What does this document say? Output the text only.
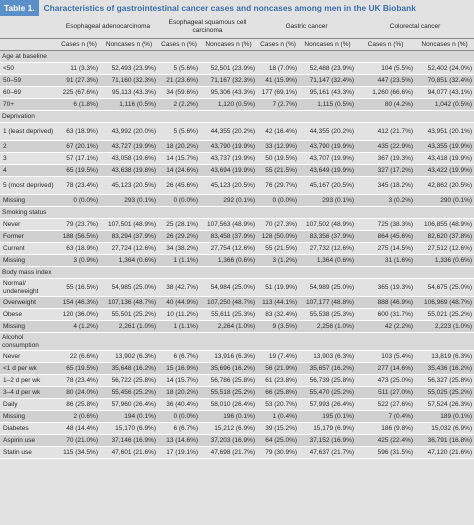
Table 1.	Characteristics of gastrointestinal cancer cases and noncases among men in the UK Biobank
	Esophageal adenocarcinoma		Esophageal squamous cell carcinoma		Gastric cancer		Colorectal cancer	
	Cases n (%)	Noncases n (%)	Cases n (%)	Noncases n (%)	Cases n (%)	Noncases n (%)	Cases n (%)	Noncases n (%)
Age at baseline								
<50	11 (3.3%)	52,493 (23.9%)	5 (5.6%)	52,501 (23.9%)	18 (7.0%)	52,488 (23.9%)	104 (5.5%)	52,402 (24.0%)
50–59	91 (27.3%)	71,160 (32.3%)	21 (23.6%)	71,167 (32.3%)	41 (15.9%)	71,147 (32.4%)	447 (23.5%)	70,851 (32.4%)
60–69	225 (67.6%)	95,113 (43.3%)	34 (59.6%)	95,306 (43.3%)	177 (69.1%)	95,161 (43.3%)	1,260 (66.6%)	94,077 (43.1%)
70+	6 (1.8%)	1,116 (0.5%)	2 (2.2%)	1,120 (0.5%)	7 (2.7%)	1,115 (0.5%)	80 (4.2%)	1,042 (0.5%)
Deprivation								
1 (least deprived)	63 (18.9%)	43,992 (20.0%)	5 (5.6%)	44,355 (20.2%)	42 (16.4%)	44,355 (20.2%)	412 (21.7%)	43,951 (20.1%)
2	67 (20.1%)	43,727 (19.9%)	18 (20.2%)	43,790 (19.9%)	33 (12.9%)	43,790 (19.9%)	435 (22.9%)	43,355 (19.9%)
3	57 (17.1%)	43,058 (19.6%)	14 (15.7%)	43,737 (19.9%)	50 (19.5%)	43,707 (19.9%)	367 (19.3%)	43,418 (19.9%)
4	65 (19.5%)	43,638 (19.8%)	14 (24.6%)	43,694 (19.9%)	55 (21.5%)	43,649 (19.9%)	327 (17.2%)	43,422 (19.9%)
5 (most deprived)	78 (23.4%)	45,123 (20.5%)	26 (45.6%)	45,123 (20.5%)	76 (29.7%)	45,167 (20.5%)	345 (18.2%)	42,862 (20.5%)
Missing	0 (0.0%)	293 (0.1%)	0 (0.0%)	292 (0.1%)	0 (0.0%)	293 (0.1%)	3 (0.2%)	290 (0.1%)
Smoking status								
Never	79 (23.7%)	107,501 (48.9%)	25 (28.1%)	107,563 (48.9%)	70 (27.3%)	107,502 (48.9%)	725 (38.3%)	106,855 (48.9%)
Former	188 (56.5%)	83,294 (37.9%)	26 (29.2%)	83,458 (37.9%)	128 (50.0%)	83,356 (37.9%)	864 (45.6%)	82,620 (37.8%)
Current	63 (18.9%)	27,724 (12.6%)	34 (38.2%)	27,754 (12.6%)	55 (21.5%)	27,732 (12.6%)	275 (14.5%)	27,512 (12.6%)
Missing	3 (0.9%)	1,364 (0.6%)	1 (1.1%)	1,366 (0.6%)	3 (1.2%)	1,364 (0.6%)	31 (1.6%)	1,336 (0.6%)
Body mass index								
Normal/ underweight	55 (16.5%)	54,985 (25.0%)	38 (42.7%)	54,984 (25.0%)	51 (19.9%)	54,989 (25.0%)	365 (19.3%)	54,675 (25.0%)
Overweight	154 (46.3%)	107,136 (48.7%)	40 (44.9%)	107,250 (48.7%)	113 (44.1%)	107,177 (48.8%)	888 (46.9%)	106,969 (48.7%)
Obese	120 (36.0%)	55,501 (25.2%)	10 (11.2%)	55,611 (25.3%)	83 (32.4%)	55,538 (25.3%)	600 (31.7%)	55,021 (25.2%)
Missing	4 (1.2%)	2,261 (1.0%)	1 (1.1%)	2,264 (1.0%)	9 (3.5%)	2,256 (1.0%)	42 (2.2%)	2,223 (1.0%)
Alcohol consumption								
Never	22 (6.6%)	13,902 (6.3%)	6 (6.7%)	13,916 (6.3%)	19 (7.4%)	13,903 (6.3%)	103 (5.4%)	13,819 (6.3%)
<1 d per wk	65 (19.5%)	35,648 (16.2%)	15 (16.9%)	35,696 (16.2%)	56 (21.9%)	35,657 (16.2%)	277 (14.6%)	35,436 (16.2%)
1–2 d per wk	78 (23.4%)	56,722 (25.8%)	14 (15.7%)	56,786 (25.8%)	61 (23.8%)	56,739 (25.8%)	473 (25.0%)	56,327 (25.8%)
3–4 d per wk	80 (24.0%)	55,456 (25.2%)	18 (20.2%)	55,518 (25.2%)	66 (25.8%)	55,470 (25.2%)	511 (27.0%)	55,025 (25.2%)
Daily	86 (25.8%)	57,960 (26.4%)	36 (40.4%)	58,010 (26.4%)	53 (20.7%)	57,993 (26.4%)	522 (27.6%)	57,524 (26.3%)
Missing	2 (0.6%)	194 (0.1%)	0 (0.0%)	196 (0.1%)	1 (0.4%)	195 (0.1%)	7 (0.4%)	189 (0.1%)
Diabetes	48 (14.4%)	15,170 (6.9%)	6 (6.7%)	15,212 (6.9%)	39 (15.2%)	15,179 (6.9%)	186 (9.8%)	15,032 (6.9%)
Aspirin use	70 (21.0%)	37,146 (16.9%)	13 (14.6%)	37,203 (16.9%)	64 (25.0%)	37,152 (16.9%)	425 (22.4%)	36,791 (16.8%)
Statin use	115 (34.5%)	47,601 (21.6%)	17 (19.1%)	47,698 (21.7%)	79 (30.9%)	47,637 (21.7%)	596 (31.5%)	47,120 (21.6%)
